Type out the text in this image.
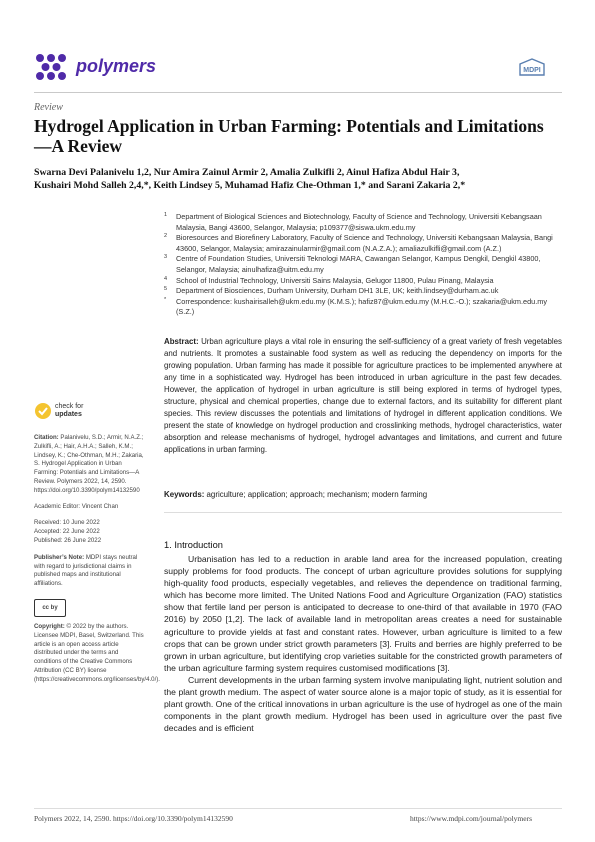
polymers	MDPI
Review
Hydrogel Application in Urban Farming: Potentials and Limitations—A Review
Swarna Devi Palanivelu 1,2, Nur Amira Zainul Armir 2, Amalia Zulkifli 2, Ainul Hafiza Abdul Hair 3,
Kushairi Mohd Salleh 2,4,*, Keith Lindsey 5, Muhamad Hafiz Che-Othman 1,* and Sarani Zakaria 2,*
1 Department of Biological Sciences and Biotechnology, Faculty of Science and Technology, Universiti Kebangsaan Malaysia, Bangi 43600, Selangor, Malaysia; p109377@siswa.ukm.edu.my
2 Bioresources and Biorefinery Laboratory, Faculty of Science and Technology, Universiti Kebangsaan Malaysia, Bangi 43600, Selangor, Malaysia; amirazainularmir@gmail.com (N.A.Z.A.); amaliazulkifli@gmail.com (A.Z.)
3 Centre of Foundation Studies, Universiti Teknologi MARA, Cawangan Selangor, Kampus Dengkil, Dengkil 43800, Selangor, Malaysia; ainulhafiza@uitm.edu.my
4 School of Industrial Technology, Universiti Sains Malaysia, Gelugor 11800, Pulau Pinang, Malaysia
5 Department of Biosciences, Durham University, Durham DH1 3LE, UK; keith.lindsey@durham.ac.uk
* Correspondence: kushairisalleh@ukm.edu.my (K.M.S.); hafiz87@ukm.edu.my (M.H.C.-O.); szakaria@ukm.edu.my (S.Z.)
Abstract: Urban agriculture plays a vital role in ensuring the self-sufficiency of a great variety of fresh vegetables and nutrients. It promotes a sustainable food system as well as reducing the dependency on imports for the growing population. Urban farming has made it possible for agriculture practices to be implemented anywhere at any time in a sophisticated way. Hydrogel has been introduced in urban agriculture in the past few decades. However, the application of hydrogel in urban agriculture is still being explored in terms of hydrogel types, structure, physical and chemical properties, change due to external factors, and its suitability for different plant species. This review discusses the potentials and limitations of hydrogel in different application conditions. We present the state of knowledge on hydrogel production and crosslinking methods, hydrogel characteristics, water absorption and release mechanisms of hydrogel, hydrogel advantages and limitations, and current and future applications in urban farming.
Keywords: agriculture; application; approach; mechanism; modern farming
check for
updates
Citation: Palanivelu, S.D.; Armir, N.A.Z.; Zulkifli, A.; Hair, A.H.A.; Salleh, K.M.; Lindsey, K.; Che-Othman, M.H.; Zakaria, S. Hydrogel Application in Urban Farming: Potentials and Limitations—A Review. Polymers 2022, 14, 2590. https://doi.org/10.3390/polym14132590
Academic Editor: Vincent Chan
Received: 10 June 2022
Accepted: 22 June 2022
Published: 26 June 2022
Publisher’s Note: MDPI stays neutral with regard to jurisdictional claims in published maps and institutional affiliations.
cc by
Copyright: © 2022 by the authors. Licensee MDPI, Basel, Switzerland. This article is an open access article distributed under the terms and conditions of the Creative Commons Attribution (CC BY) license (https://creativecommons.org/licenses/by/4.0/).
1. Introduction

Urbanisation has led to a reduction in arable land area for the increased population, creating supply problems for food products. The concept of urban agriculture provides solutions for supplying high-quality food products, especially vegetables, and relieves the dependence on traditional farming, which has become more limited. The United Nations Food and Agriculture Organization (FAO) statistics show that fertile land per person is anticipated to decrease to one-third of that available in 1970 (FAO 2016) by 2050 [1,2]. The lack of available land in metropolitan areas creates a need for sustainable agriculture to provide yields at fast and constant rates. However, urban agriculture is limited to a few crops that can be grown under strict growth parameters [3]. Fruits and berries are highly preferred to be grown in urban agriculture, but identifying crop varieties suitable for the constricted growth parameters of the urban agriculture farming system requires customised modifications [3].

Current developments in the urban farming system involve manipulating light, nutrient solution and the plant growth medium. The aspect of water source alone is a major topic of study, as it is essential for plant growth. One of the critical innovations in urban agriculture is the use of hydrogel as one of the main components in the plant growth medium. Hydrogel has been used in agriculture over the past five decades and is efficient

Polymers 2022, 14, 2590. https://doi.org/10.3390/polym14132590	https://www.mdpi.com/journal/polymers
